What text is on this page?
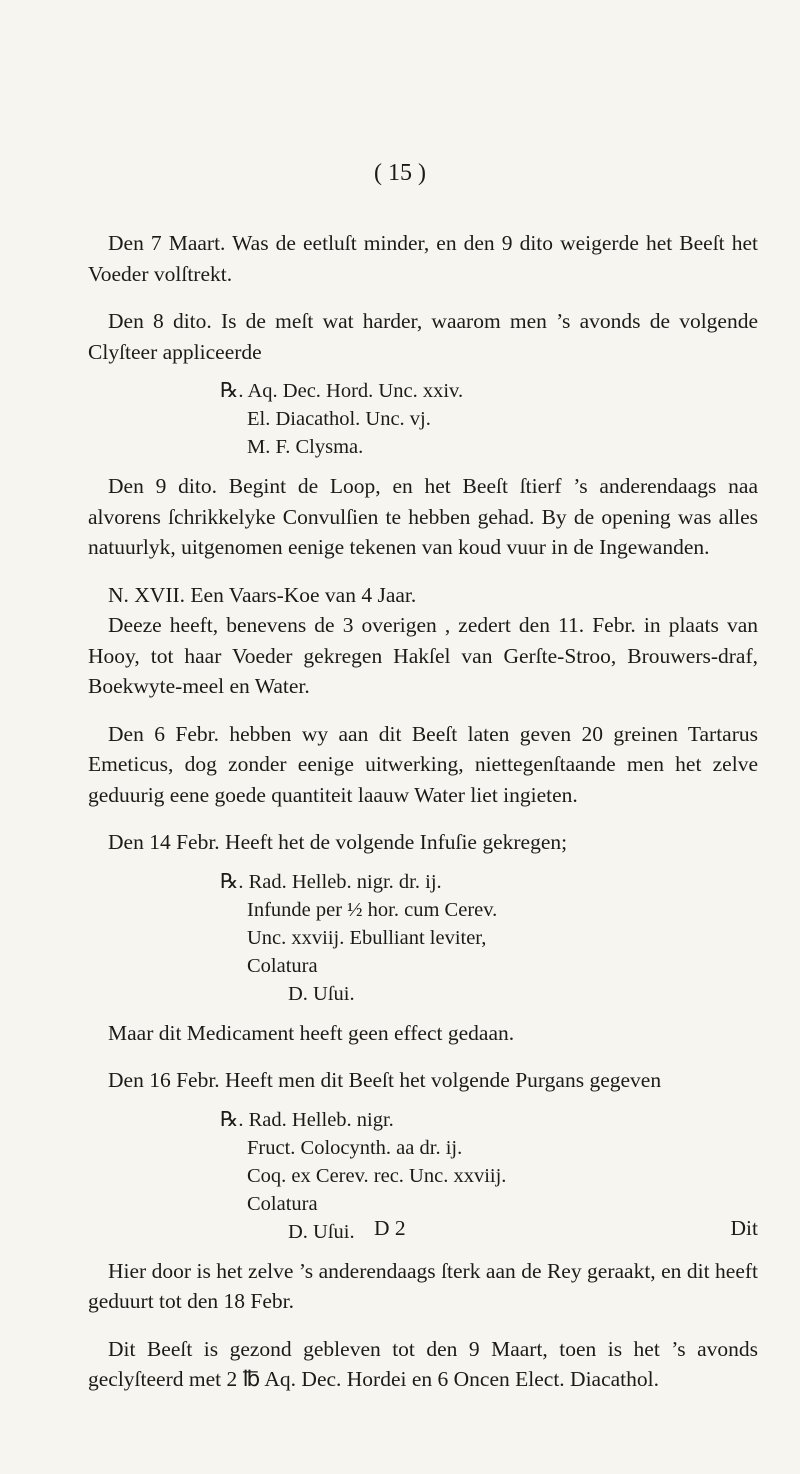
( 15 )

Den 7 Maart. Was de eetluſt minder, en den 9 dito weigerde het Beeſt het Voeder volſtrekt.

Den 8 dito. Is de meſt wat harder, waarom men ’s avonds de volgende Clyſteer appliceerde

℞. Aq. Dec. Hord. Unc. xxiv.
El. Diacathol. Unc. vj.
M. F. Clysma.

Den 9 dito. Begint de Loop, en het Beeſt ſtierf ’s anderendaags naa alvorens ſchrikkelyke Convulſien te hebben gehad. By de opening was alles natuurlyk, uitgenomen eenige tekenen van koud vuur in de Ingewanden.

N. XVII. Een Vaars-Koe van 4 Jaar.

Deeze heeft, benevens de 3 overigen , zedert den 11. Febr. in plaats van Hooy, tot haar Voeder gekregen Hakſel van Gerſte-Stroo, Brouwers-draf, Boekwyte-meel en Water.

Den 6 Febr. hebben wy aan dit Beeſt laten geven 20 greinen Tartarus Emeticus, dog zonder eenige uitwerking, niettegenſtaande men het zelve geduurig eene goede quantiteit laauw Water liet ingieten.

Den 14 Febr. Heeft het de volgende Infuſie gekregen;

℞. Rad. Helleb. nigr. dr. ij.
Infunde per ½ hor. cum Cerev.
Unc. xxviij. Ebulliant leviter,
Colatura
D. Uſui.

Maar dit Medicament heeft geen effect gedaan.

Den 16 Febr. Heeft men dit Beeſt het volgende Purgans gegeven

℞. Rad. Helleb. nigr.
Fruct. Colocynth. aa dr. ij.
Coq. ex Cerev. rec. Unc. xxviij.
Colatura
D. Uſui.

Hier door is het zelve ’s anderendaags ſterk aan de Rey geraakt, en dit heeft geduurt tot den 18 Febr.

Dit Beeſt is gezond gebleven tot den 9 Maart, toen is het ’s avonds geclyſteerd met 2 ℔ Aq. Dec. Hordei en 6 Oncen Elect. Diacathol.

D 2	Dit
